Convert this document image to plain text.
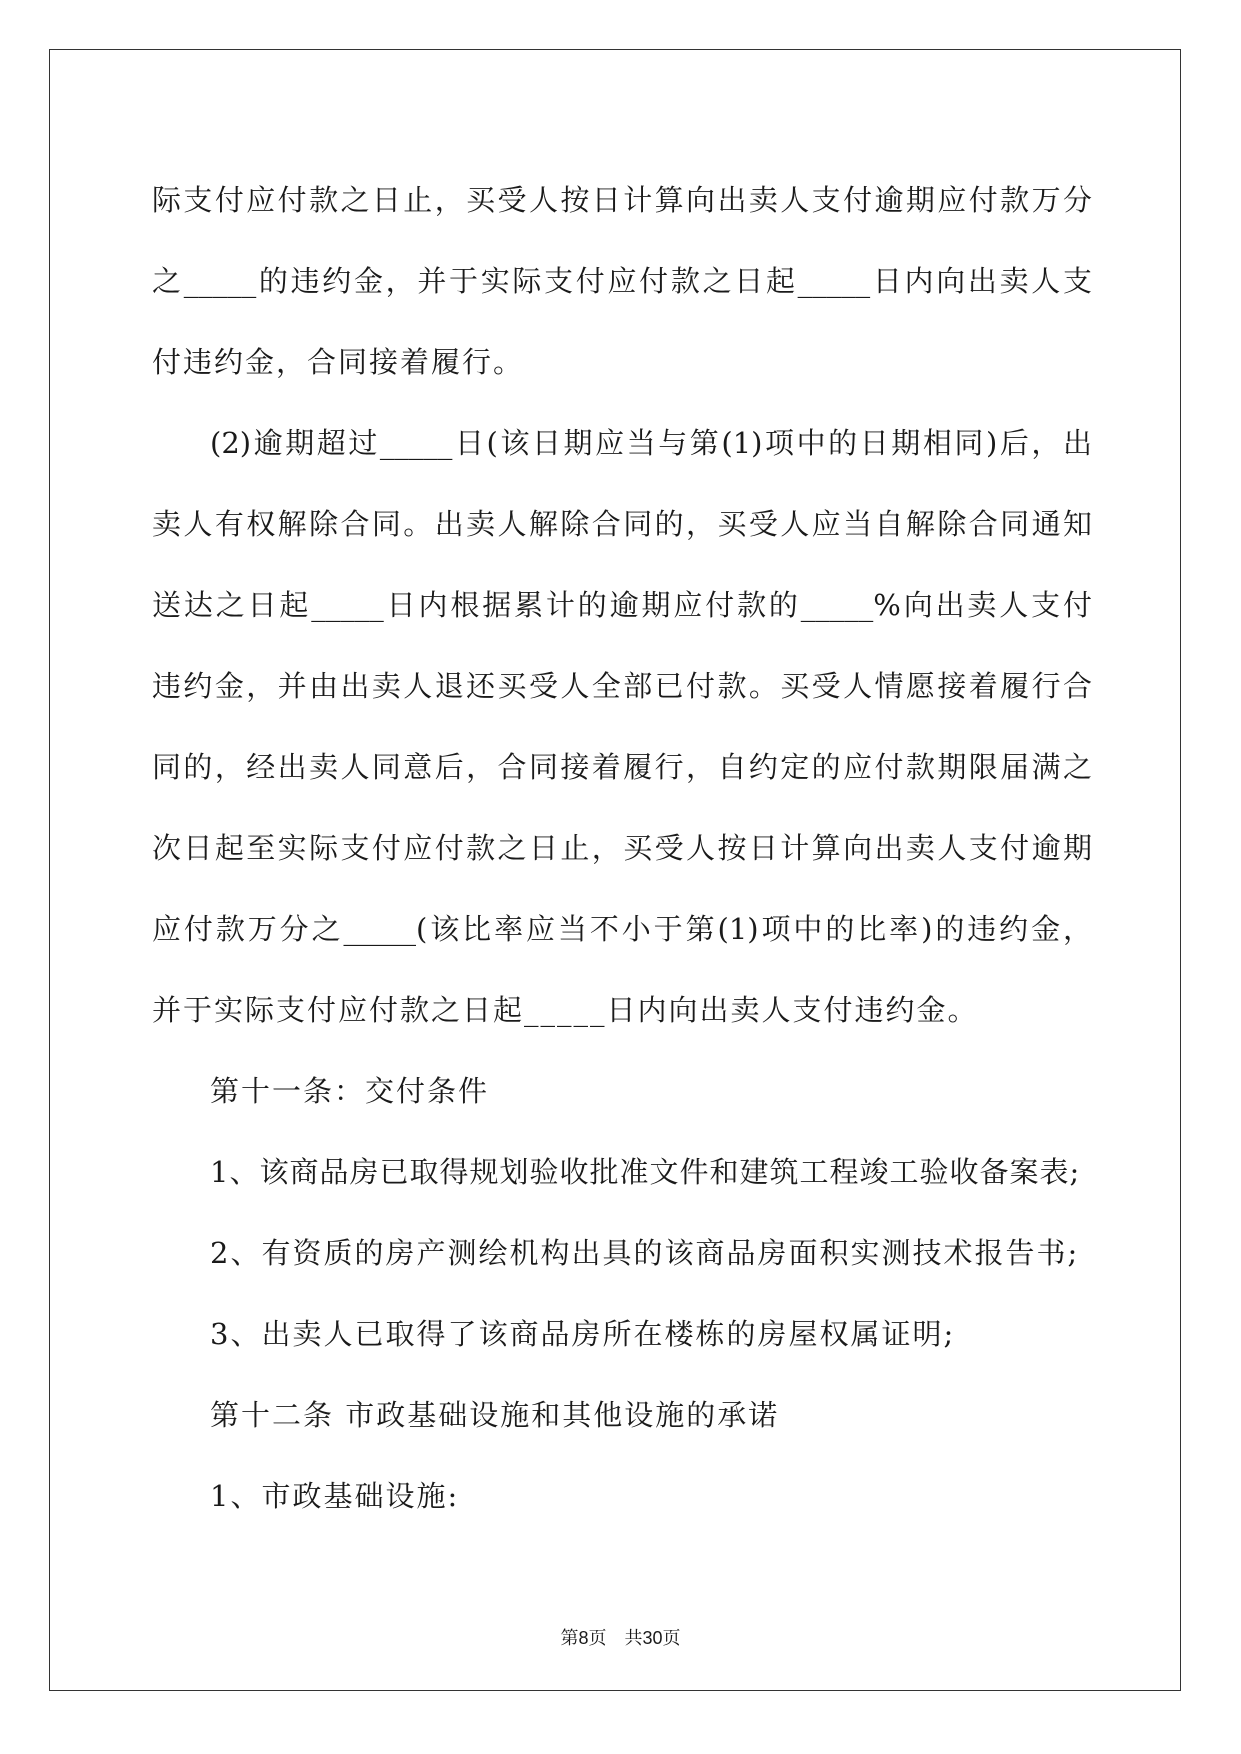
际支付应付款之日止，买受人按日计算向出卖人支付逾期应付款万分
之_____的违约金，并于实际支付应付款之日起_____日内向出卖人支
付违约金，合同接着履行。
(2)逾期超过_____日(该日期应当与第(1)项中的日期相同)后，出
卖人有权解除合同。出卖人解除合同的，买受人应当自解除合同通知
送达之日起_____日内根据累计的逾期应付款的_____%向出卖人支付
违约金，并由出卖人退还买受人全部已付款。买受人情愿接着履行合
同的，经出卖人同意后，合同接着履行，自约定的应付款期限届满之
次日起至实际支付应付款之日止，买受人按日计算向出卖人支付逾期
应付款万分之_____(该比率应当不小于第(1)项中的比率)的违约金，
并于实际支付应付款之日起_____日内向出卖人支付违约金。
第十一条：交付条件
1、该商品房已取得规划验收批准文件和建筑工程竣工验收备案表;
2、有资质的房产测绘机构出具的该商品房面积实测技术报告书;
3、出卖人已取得了该商品房所在楼栋的房屋权属证明;
第十二条 市政基础设施和其他设施的承诺
1、市政基础设施:
第8页　共30页
